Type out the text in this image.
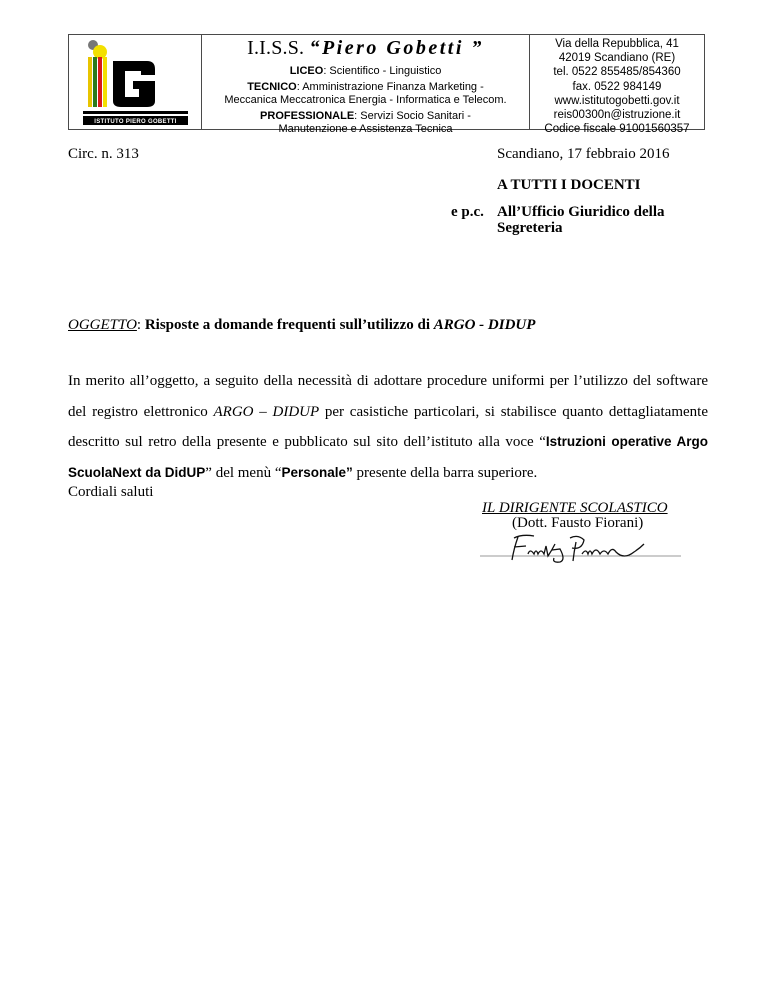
ISTITUTO PIERO GOBETTI
I.I.S.S. “Piero Gobetti ”
LICEO: Scientifico - Linguistico
TECNICO: Amministrazione Finanza Marketing -
Meccanica Meccatronica Energia - Informatica e Telecom.
PROFESSIONALE: Servizi Socio Sanitari -
Manutenzione e Assistenza Tecnica
Via della Repubblica, 41
42019 Scandiano (RE)
tel. 0522 855485/854360
fax. 0522 984149
www.istitutogobetti.gov.it
reis00300n@istruzione.it
Codice fiscale 91001560357
Circ. n. 313	Scandiano, 17 febbraio 2016
A TUTTI I DOCENTI
e p.c. All’Ufficio Giuridico della
Segreteria
OGGETTO: Risposte a domande frequenti sull’utilizzo di ARGO - DIDUP
In merito all’oggetto, a seguito della necessità di adottare procedure uniformi per l’utilizzo del software del registro elettronico ARGO – DIDUP per casistiche particolari, si stabilisce quanto dettagliatamente descritto sul retro della presente e pubblicato sul sito dell’istituto alla voce “Istruzioni operative Argo ScuolaNext da DidUP” del menù “Personale” presente della barra superiore.
Cordiali saluti
IL DIRIGENTE SCOLASTICO
(Dott. Fausto Fiorani)
